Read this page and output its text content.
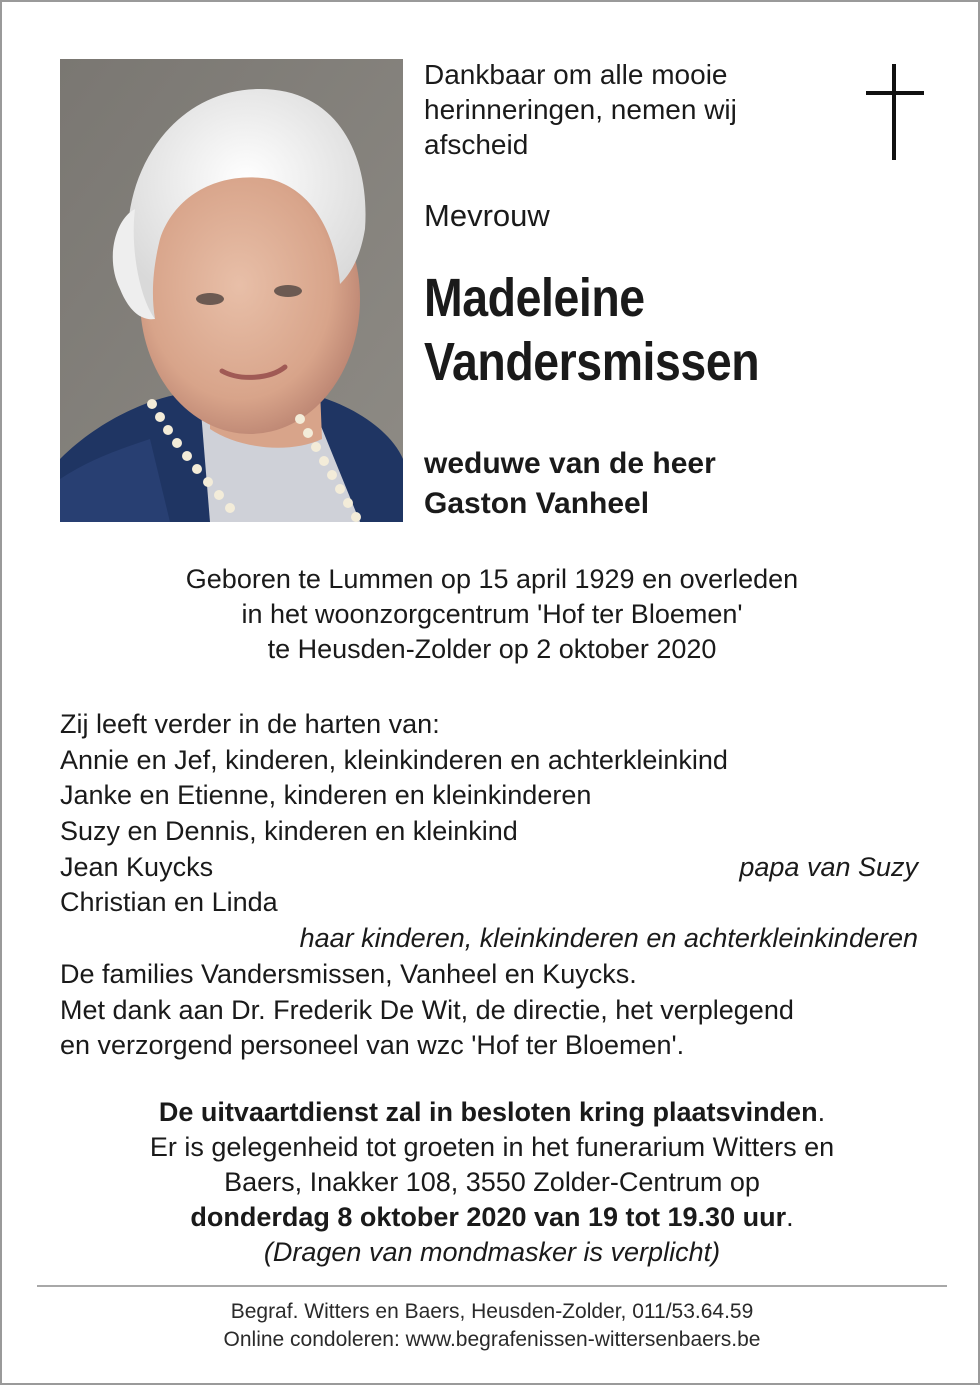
Dankbaar om alle mooie
herinneringen, nemen wij
afscheid
Mevrouw
Madeleine
Vandersmissen
weduwe van de heer
Gaston Vanheel
Geboren te Lummen op 15 april 1929 en overleden
in het woonzorgcentrum 'Hof ter Bloemen'
te Heusden-Zolder op 2 oktober 2020
Zij leeft verder in de harten van:
Annie en Jef, kinderen, kleinkinderen en achterkleinkind
Janke en Etienne, kinderen en kleinkinderen
Suzy en Dennis, kinderen en kleinkind
Jean Kuycks	papa van Suzy
Christian en Linda
haar kinderen, kleinkinderen en achterkleinkinderen
De families Vandersmissen, Vanheel en Kuycks.
Met dank aan Dr. Frederik De Wit, de directie, het verplegend
en verzorgend personeel van wzc 'Hof ter Bloemen'.
De uitvaartdienst zal in besloten kring plaatsvinden.
Er is gelegenheid tot groeten in het funerarium Witters en
Baers, Inakker 108, 3550 Zolder-Centrum op
donderdag 8 oktober 2020 van 19 tot 19.30 uur.
(Dragen van mondmasker is verplicht)
Begraf. Witters en Baers, Heusden-Zolder, 011/53.64.59
Online condoleren: www.begrafenissen-wittersenbaers.be
